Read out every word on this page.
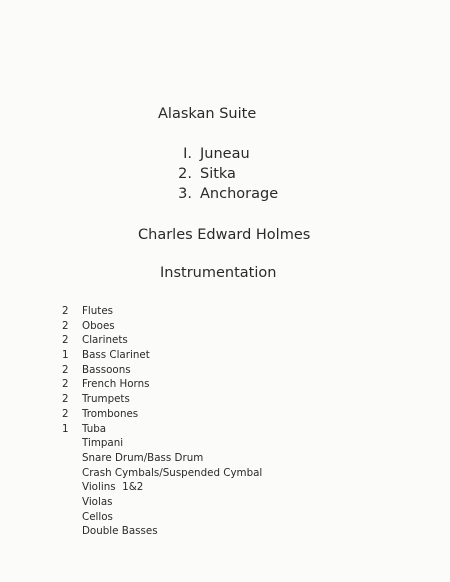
Alaskan Suite
I. Juneau
2. Sitka
3. Anchorage
Charles Edward Holmes
Instrumentation
2	Flutes
2	Oboes
2	Clarinets
1	Bass Clarinet
2	Bassoons
2	French Horns
2	Trumpets
2	Trombones
1	Tuba
Timpani
Snare Drum/Bass Drum
Crash Cymbals/Suspended Cymbal
Violins  1&2
Violas
Cellos
Double Basses
